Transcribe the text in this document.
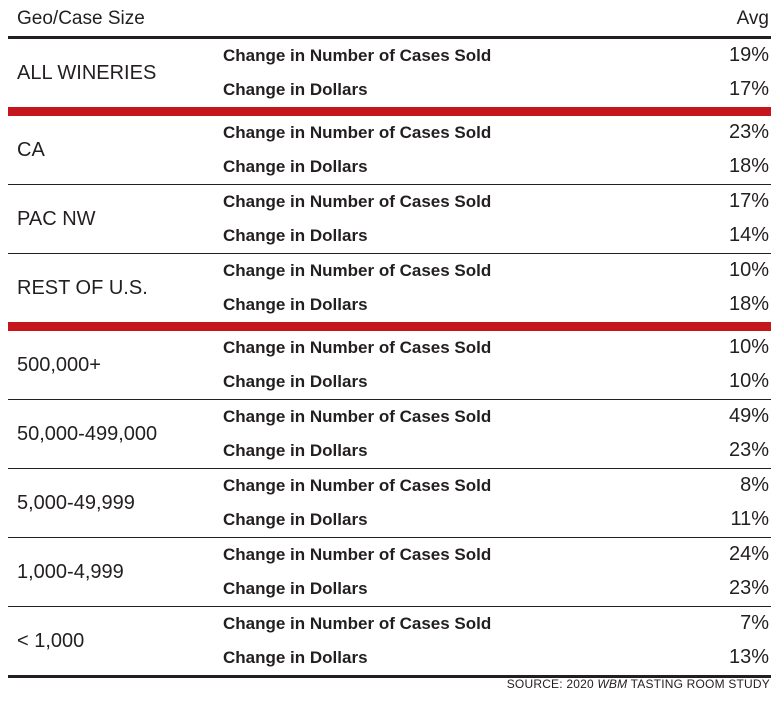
Geo/Case Size	Avg
ALL WINERIES
Change in Number of Cases Sold	19%
Change in Dollars	17%
CA
Change in Number of Cases Sold	23%
Change in Dollars	18%
PAC NW
Change in Number of Cases Sold	17%
Change in Dollars	14%
REST OF U.S.
Change in Number of Cases Sold	10%
Change in Dollars	18%
500,000+
Change in Number of Cases Sold	10%
Change in Dollars	10%
50,000-499,000
Change in Number of Cases Sold	49%
Change in Dollars	23%
5,000-49,999
Change in Number of Cases Sold	8%
Change in Dollars	11%
1,000-4,999
Change in Number of Cases Sold	24%
Change in Dollars	23%
< 1,000
Change in Number of Cases Sold	7%
Change in Dollars	13%
SOURCE: 2020 WBM TASTING ROOM STUDY
